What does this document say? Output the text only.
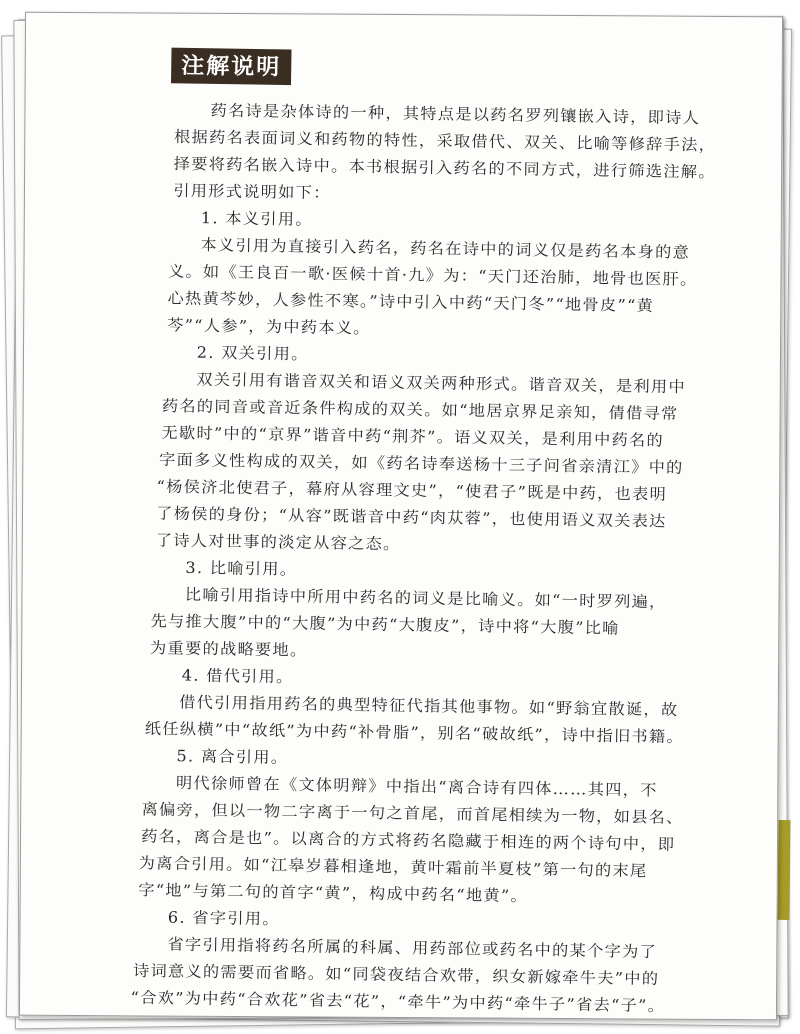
注解说明
药名诗是杂体诗的一种，其特点是以药名罗列镶嵌入诗，即诗人
根据药名表面词义和药物的特性，采取借代、双关、比喻等修辞手法，
择要将药名嵌入诗中。本书根据引入药名的不同方式，进行筛选注解。
引用形式说明如下：
1. 本义引用。
本义引用为直接引入药名，药名在诗中的词义仅是药名本身的意
义。如《王良百一歌·医候十首·九》为：“天门还治肺，地骨也医肝。
心热黄芩妙，人参性不寒。”诗中引入中药“天门冬”“地骨皮”“黄
芩”“人参”，为中药本义。
2. 双关引用。
双关引用有谐音双关和语义双关两种形式。谐音双关，是利用中
药名的同音或音近条件构成的双关。如“地居京界足亲知，倩借寻常
无歇时”中的“京界”谐音中药“荆芥”。语义双关，是利用中药名的
字面多义性构成的双关，如《药名诗奉送杨十三子问省亲清江》中的
“杨侯济北使君子，幕府从容理文史”，“使君子”既是中药，也表明
了杨侯的身份；“从容”既谐音中药“肉苁蓉”，也使用语义双关表达
了诗人对世事的淡定从容之态。
3. 比喻引用。
比喻引用指诗中所用中药名的词义是比喻义。如“一时罗列遍，
先与推大腹”中的“大腹”为中药“大腹皮”，诗中将“大腹”比喻
为重要的战略要地。
4. 借代引用。
借代引用指用药名的典型特征代指其他事物。如“野翁宜散诞，故
纸任纵横”中“故纸”为中药“补骨脂”，别名“破故纸”，诗中指旧书籍。
5. 离合引用。
明代徐师曾在《文体明辩》中指出“离合诗有四体……其四，不
离偏旁，但以一物二字离于一句之首尾，而首尾相续为一物，如县名、
药名，离合是也”。以离合的方式将药名隐藏于相连的两个诗句中，即
为离合引用。如“江皋岁暮相逢地，黄叶霜前半夏枝”第一句的末尾
字“地”与第二句的首字“黄”，构成中药名“地黄”。
6. 省字引用。
省字引用指将药名所属的科属、用药部位或药名中的某个字为了
诗词意义的需要而省略。如“同袋夜结合欢带，织女新嫁牵牛夫”中的
“合欢”为中药“合欢花”省去“花”，“牵牛”为中药“牵牛子”省去“子”。
